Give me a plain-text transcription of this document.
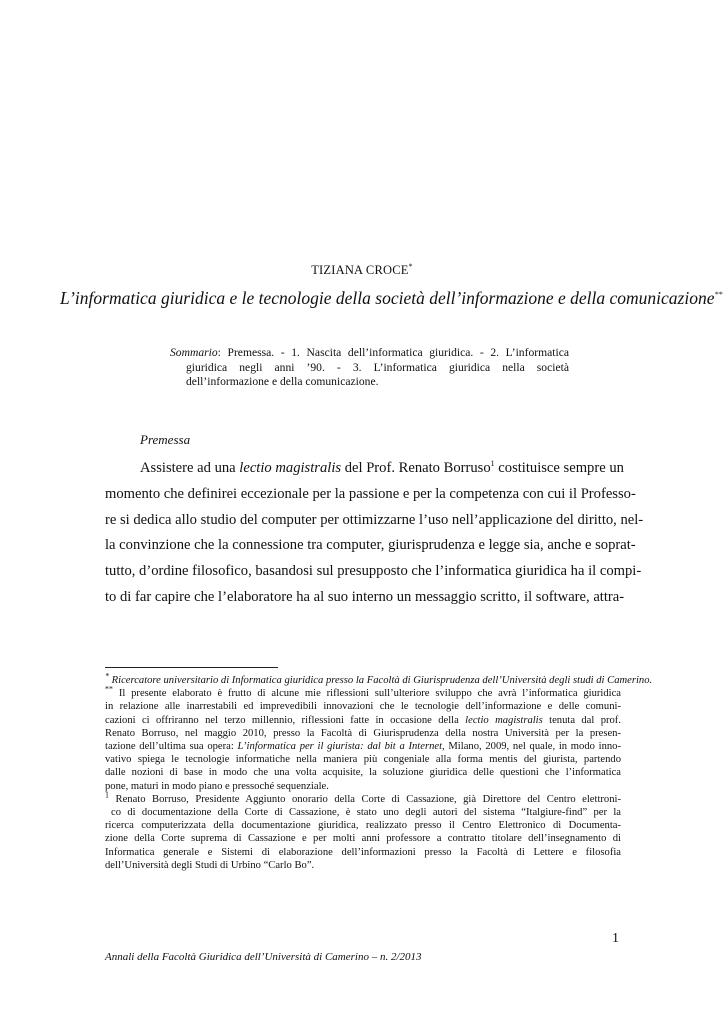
TIZIANA CROCE*
L’informatica giuridica e le tecnologie della società dell’informazione e della comunicazione**
Sommario: Premessa. - 1. Nascita dell’informatica giuridica. - 2. L’informatica giuridica negli anni ’90. - 3. L’informatica giuridica nella società dell’informazione e della comunicazione.
Premessa
Assistere ad una lectio magistralis del Prof. Renato Borruso$^1$ costituisce sempre un
momento che definirei eccezionale per la passione e per la competenza con cui il Professo-
re si dedica allo studio del computer per ottimizzarne l’uso nell’applicazione del diritto, nel-
la convinzione che la connessione tra computer, giurisprudenza e legge sia, anche e soprat-
tutto, d’ordine filosofico, basandosi sul presupposto che l’informatica giuridica ha il compi-
to di far capire che l’elaboratore ha al suo interno un messaggio scritto, il software, attra-
* Ricercatore universitario di Informatica giuridica presso la Facoltà di Giurisprudenza dell’Università degli studi di Camerino.
** Il presente elaborato è frutto di alcune mie riflessioni sull’ulteriore sviluppo che avrà l’informatica giuridica
in relazione alle inarrestabili ed imprevedibili innovazioni che le tecnologie dell’informazione e delle comuni-
cazioni ci offriranno nel terzo millennio, riflessioni fatte in occasione della lectio magistralis tenuta dal prof.
Renato Borruso, nel maggio 2010, presso la Facoltà di Giurisprudenza della nostra Università per la presen-
tazione dell’ultima sua opera: L’informatica per il giurista: dal bit a Internet, Milano, 2009, nel quale, in modo inno-
vativo spiega le tecnologie informatiche nella maniera più congeniale alla forma mentis del giurista, partendo
dalle nozioni di base in modo che una volta acquisite, la soluzione giuridica delle questioni che l’informatica
pone, maturi in modo piano e pressoché sequenziale.
$^1$ Renato Borruso, Presidente Aggiunto onorario della Corte di Cassazione, già Direttore del Centro elettroni-
co di documentazione della Corte di Cassazione, è stato uno degli autori del sistema “Italgiure-find” per la
ricerca computerizzata della documentazione giuridica, realizzato presso il Centro Elettronico di Documenta-
zione della Corte suprema di Cassazione e per molti anni professore a contratto titolare dell’insegnamento di
Informatica generale e Sistemi di elaborazione dell’informazioni presso la Facoltà di Lettere e filosofia
dell’Università degli Studi di Urbino “Carlo Bo”.
1
Annali della Facoltà Giuridica dell’Università di Camerino – n. 2/2013
